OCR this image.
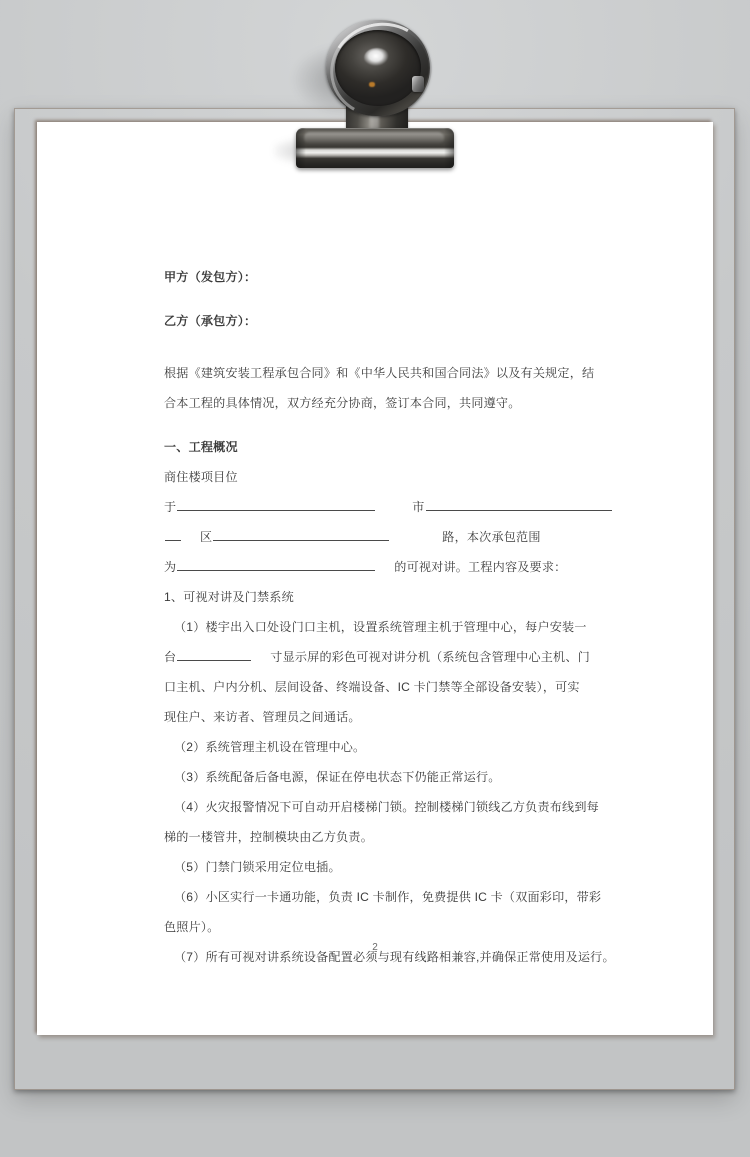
甲方（发包方）：

乙方（承包方）：

根据《建筑安装工程承包合同》和《中华人民共和国合同法》以及有关规定，结

合本工程的具体情况，双方经充分协商，签订本合同，共同遵守。

一、工程概况

商住楼项目位

于	市

区	路，本次承包范围

为	的可视对讲。工程内容及要求：

1、可视对讲及门禁系统

（1）楼宇出入口处设门口主机，设置系统管理主机于管理中心，每户安装一

台	寸显示屏的彩色可视对讲分机（系统包含管理中心主机、门

口主机、户内分机、层间设备、终端设备、IC 卡门禁等全部设备安装），可实

现住户、来访者、管理员之间通话。

（2）系统管理主机设在管理中心。

（3）系统配备后备电源，保证在停电状态下仍能正常运行。

（4）火灾报警情况下可自动开启楼梯门锁。控制楼梯门锁线乙方负责布线到每

梯的一楼管井，控制模块由乙方负责。

（5）门禁门锁采用定位电插。

（6）小区实行一卡通功能，负责 IC 卡制作，免费提供 IC 卡（双面彩印，带彩

色照片）。

（7）所有可视对讲系统设备配置必须与现有线路相兼容,并确保正常使用及运行。

2
